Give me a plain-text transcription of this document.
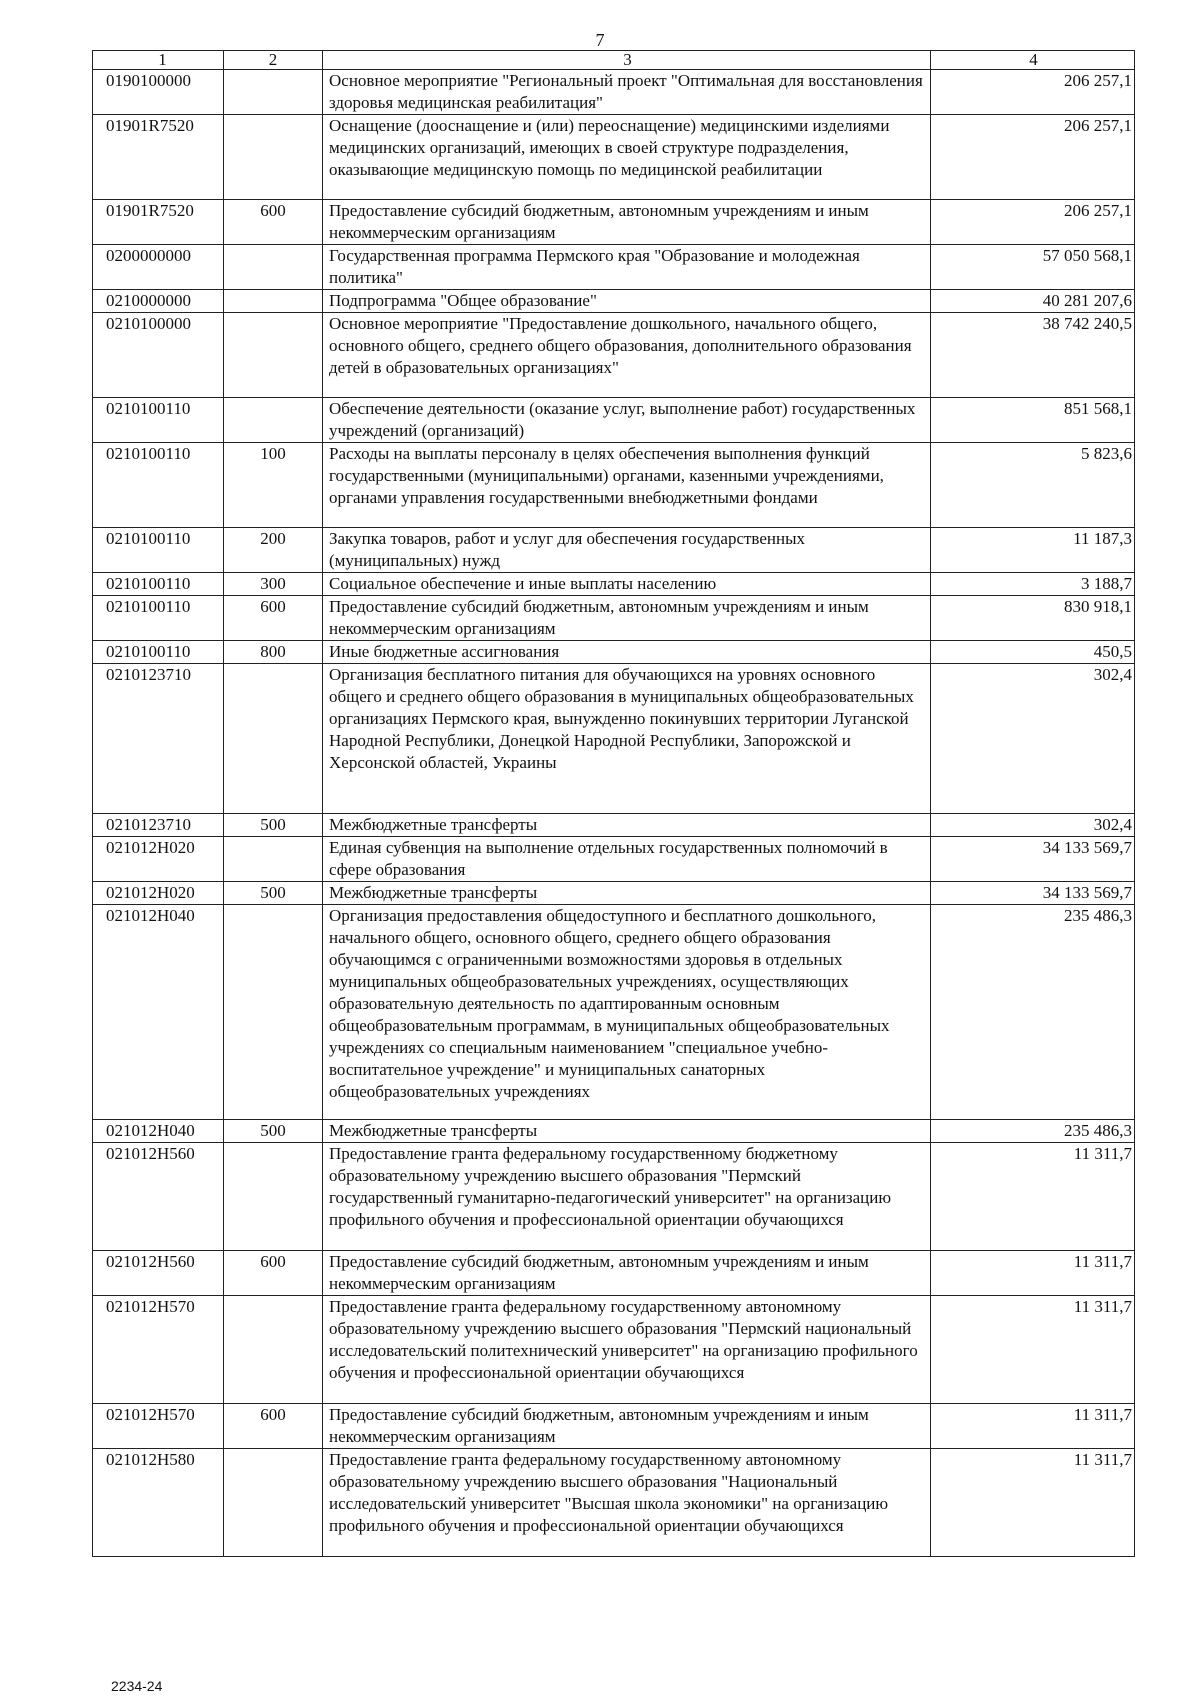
7
1	2	3	4
0190100000		Основное мероприятие "Региональный проект "Оптимальная для восстановления здоровья медицинская реабилитация"	206 257,1
01901R7520		Оснащение (дооснащение и (или) переоснащение) медицинскими изделиями медицинских организаций, имеющих в своей структуре подразделения, оказывающие медицинскую помощь по медицинской реабилитации	206 257,1
01901R7520	600	Предоставление субсидий бюджетным, автономным учреждениям и иным некоммерческим организациям	206 257,1
0200000000		Государственная программа Пермского края "Образование и молодежная политика"	57 050 568,1
0210000000		Подпрограмма "Общее образование"	40 281 207,6
0210100000		Основное мероприятие "Предоставление дошкольного, начального общего, основного общего, среднего общего образования, дополнительного образования детей в образовательных организациях"	38 742 240,5
0210100110		Обеспечение деятельности (оказание услуг, выполнение работ) государственных учреждений (организаций)	851 568,1
0210100110	100	Расходы на выплаты персоналу в целях обеспечения выполнения функций государственными (муниципальными) органами, казенными учреждениями, органами управления государственными внебюджетными фондами	5 823,6
0210100110	200	Закупка товаров, работ и услуг для обеспечения государственных (муниципальных) нужд	11 187,3
0210100110	300	Социальное обеспечение и иные выплаты населению	3 188,7
0210100110	600	Предоставление субсидий бюджетным, автономным учреждениям и иным некоммерческим организациям	830 918,1
0210100110	800	Иные бюджетные ассигнования	450,5
0210123710		Организация бесплатного питания для обучающихся на уровнях основного общего и среднего общего образования в муниципальных общеобразовательных организациях Пермского края, вынужденно покинувших территории Луганской Народной Республики, Донецкой Народной Республики, Запорожской и Херсонской областей, Украины	302,4
0210123710	500	Межбюджетные трансферты	302,4
021012Н020		Единая субвенция на выполнение отдельных государственных полномочий в сфере образования	34 133 569,7
021012Н020	500	Межбюджетные трансферты	34 133 569,7
021012Н040		Организация предоставления общедоступного и бесплатного дошкольного, начального общего, основного общего, среднего общего образования обучающимся с ограниченными возможностями здоровья в отдельных муниципальных общеобразовательных учреждениях, осуществляющих образовательную деятельность по адаптированным основным общеобразовательным программам, в муниципальных общеобразовательных учреждениях со специальным наименованием "специальное учебно-воспитательное учреждение" и муниципальных санаторных общеобразовательных учреждениях	235 486,3
021012Н040	500	Межбюджетные трансферты	235 486,3
021012Н560		Предоставление гранта федеральному государственному бюджетному образовательному учреждению высшего образования "Пермский государственный гуманитарно-педагогический университет" на организацию профильного обучения и профессиональной ориентации обучающихся	11 311,7
021012Н560	600	Предоставление субсидий бюджетным, автономным учреждениям и иным некоммерческим организациям	11 311,7
021012Н570		Предоставление гранта федеральному государственному автономному образовательному учреждению высшего образования "Пермский национальный исследовательский политехнический университет" на организацию профильного обучения и профессиональной ориентации обучающихся	11 311,7
021012Н570	600	Предоставление субсидий бюджетным, автономным учреждениям и иным некоммерческим организациям	11 311,7
021012Н580		Предоставление гранта федеральному государственному автономному образовательному учреждению высшего образования "Национальный исследовательский университет "Высшая школа экономики" на организацию профильного обучения и профессиональной ориентации обучающихся	11 311,7
2234-24
